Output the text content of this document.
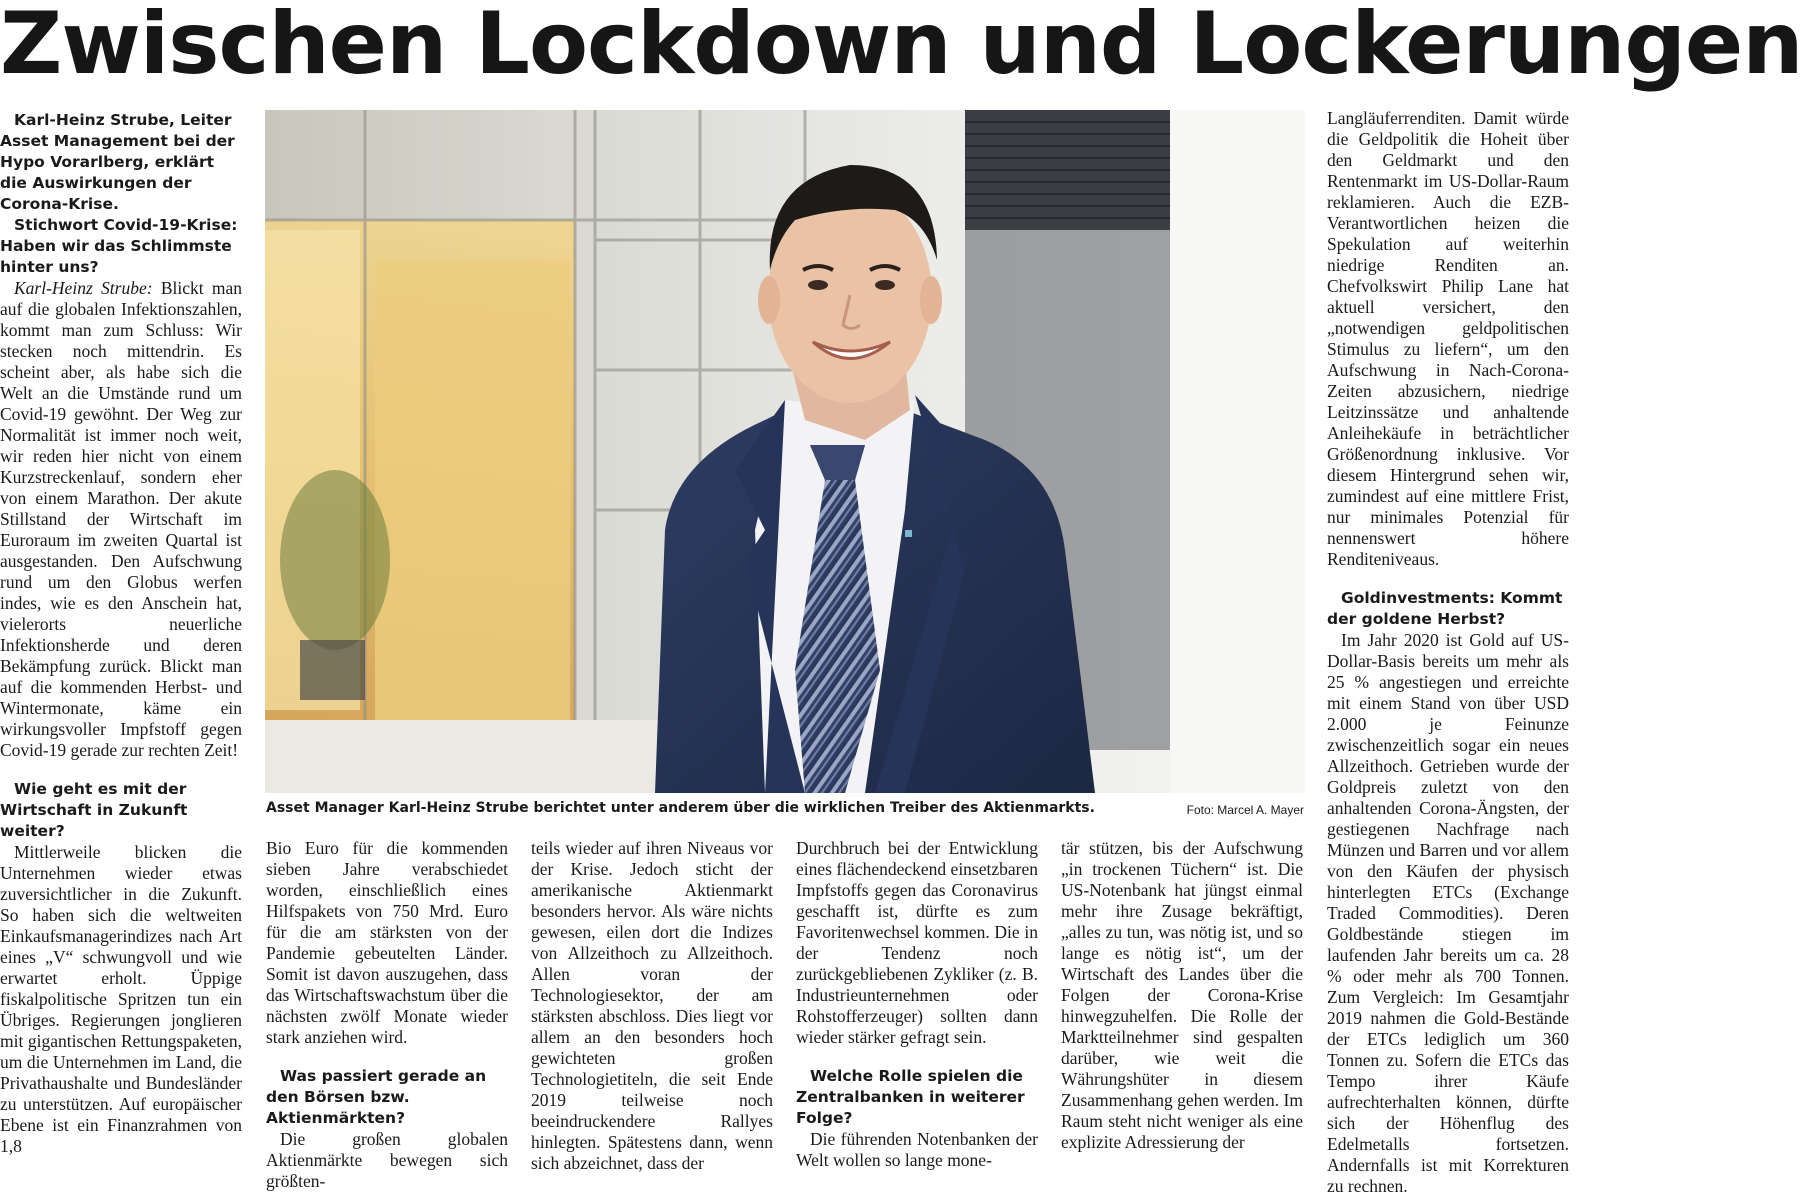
Zwischen Lockdown und Lockerungen

Karl-Heinz Strube, Leiter Asset Management bei der Hypo Vorarlberg, erklärt die Auswirkungen der Corona-Krise.

Stichwort Covid-19-Krise: Haben wir das Schlimmste hinter uns?

Karl-Heinz Strube: Blickt man auf die globalen Infektionszahlen, kommt man zum Schluss: Wir stecken noch mittendrin. Es scheint aber, als habe sich die Welt an die Umstände rund um Covid-19 gewöhnt. Der Weg zur Normalität ist immer noch weit, wir reden hier nicht von einem Kurzstreckenlauf, sondern eher von einem Marathon. Der akute Stillstand der Wirtschaft im Euroraum im zweiten Quartal ist ausgestanden. Den Aufschwung rund um den Globus werfen indes, wie es den Anschein hat, vielerorts neuerliche Infektionsherde und deren Bekämpfung zurück. Blickt man auf die kommenden Herbst- und Wintermonate, käme ein wirkungsvoller Impfstoff gegen Covid-19 gerade zur rechten Zeit!

Wie geht es mit der Wirtschaft in Zukunft weiter?

Mittlerweile blicken die Unternehmen wieder etwas zuversichtlicher in die Zukunft. So haben sich die weltweiten Einkaufsmanagerindizes nach Art eines „V“ schwungvoll und wie erwartet erholt. Üppige fiskalpolitische Spritzen tun ein Übriges. Regierungen jonglieren mit gigantischen Rettungspaketen, um die Unternehmen im Land, die Privathaushalte und Bundesländer zu unterstützen. Auf europäischer Ebene ist ein Finanzrahmen von 1,8

Asset Manager Karl-Heinz Strube berichtet unter anderem über die wirklichen Treiber des Aktienmarkts.	Foto: Marcel A. Mayer

Bio Euro für die kommenden sieben Jahre verabschiedet worden, einschließlich eines Hilfspakets von 750 Mrd. Euro für die am stärksten von der Pandemie gebeutelten Länder. Somit ist davon auszugehen, dass das Wirtschaftswachstum über die nächsten zwölf Monate wieder stark anziehen wird.

Was passiert gerade an den Börsen bzw. Aktienmärkten?

Die großen globalen Aktienmärkte bewegen sich größten-

teils wieder auf ihren Niveaus vor der Krise. Jedoch sticht der amerikanische Aktienmarkt besonders hervor. Als wäre nichts gewesen, eilen dort die Indizes von Allzeithoch zu Allzeithoch. Allen voran der Technologiesektor, der am stärksten abschloss. Dies liegt vor allem an den besonders hoch gewichteten großen Technologietiteln, die seit Ende 2019 teilweise noch beeindruckendere Rallyes hinlegten. Spätestens dann, wenn sich abzeichnet, dass der

Durchbruch bei der Entwicklung eines flächendeckend einsetzbaren Impfstoffs gegen das Coronavirus geschafft ist, dürfte es zum Favoritenwechsel kommen. Die in der Tendenz noch zurückgebliebenen Zykliker (z. B. Industrieunternehmen oder Rohstofferzeuger) sollten dann wieder stärker gefragt sein.

Welche Rolle spielen die Zentralbanken in weiterer Folge?

Die führenden Notenbanken der Welt wollen so lange mone-

tär stützen, bis der Aufschwung „in trockenen Tüchern“ ist. Die US-Notenbank hat jüngst einmal mehr ihre Zusage bekräftigt, „alles zu tun, was nötig ist, und so lange es nötig ist“, um der Wirtschaft des Landes über die Folgen der Corona-Krise hinwegzuhelfen. Die Rolle der Marktteilnehmer sind gespalten darüber, wie weit die Währungshüter in diesem Zusammenhang gehen werden. Im Raum steht nicht weniger als eine explizite Adressierung der

Langläuferrenditen. Damit würde die Geldpolitik die Hoheit über den Geldmarkt und den Rentenmarkt im US-Dollar-Raum reklamieren. Auch die EZB-Verantwortlichen heizen die Spekulation auf weiterhin niedrige Renditen an. Chefvolkswirt Philip Lane hat aktuell versichert, den „notwendigen geldpolitischen Stimulus zu liefern“, um den Aufschwung in Nach-Corona-Zeiten abzusichern, niedrige Leitzinssätze und anhaltende Anleihekäufe in beträchtlicher Größenordnung inklusive. Vor diesem Hintergrund sehen wir, zumindest auf eine mittlere Frist, nur minimales Potenzial für nennenswert höhere Renditeniveaus.

Goldinvestments: Kommt der goldene Herbst?

Im Jahr 2020 ist Gold auf US-Dollar-Basis bereits um mehr als 25 % angestiegen und erreichte mit einem Stand von über USD 2.000 je Feinunze zwischenzeitlich sogar ein neues Allzeithoch. Getrieben wurde der Goldpreis zuletzt von den anhaltenden Corona-Ängsten, der gestiegenen Nachfrage nach Münzen und Barren und vor allem von den Käufen der physisch hinterlegten ETCs (Exchange Traded Commodities). Deren Goldbestände stiegen im laufenden Jahr bereits um ca. 28 % oder mehr als 700 Tonnen. Zum Vergleich: Im Gesamtjahr 2019 nahmen die Gold-Bestände der ETCs lediglich um 360 Tonnen zu. Sofern die ETCs das Tempo ihrer Käufe aufrechterhalten können, dürfte sich der Höhenflug des Edelmetalls fortsetzen. Andernfalls ist mit Korrekturen zu rechnen.
